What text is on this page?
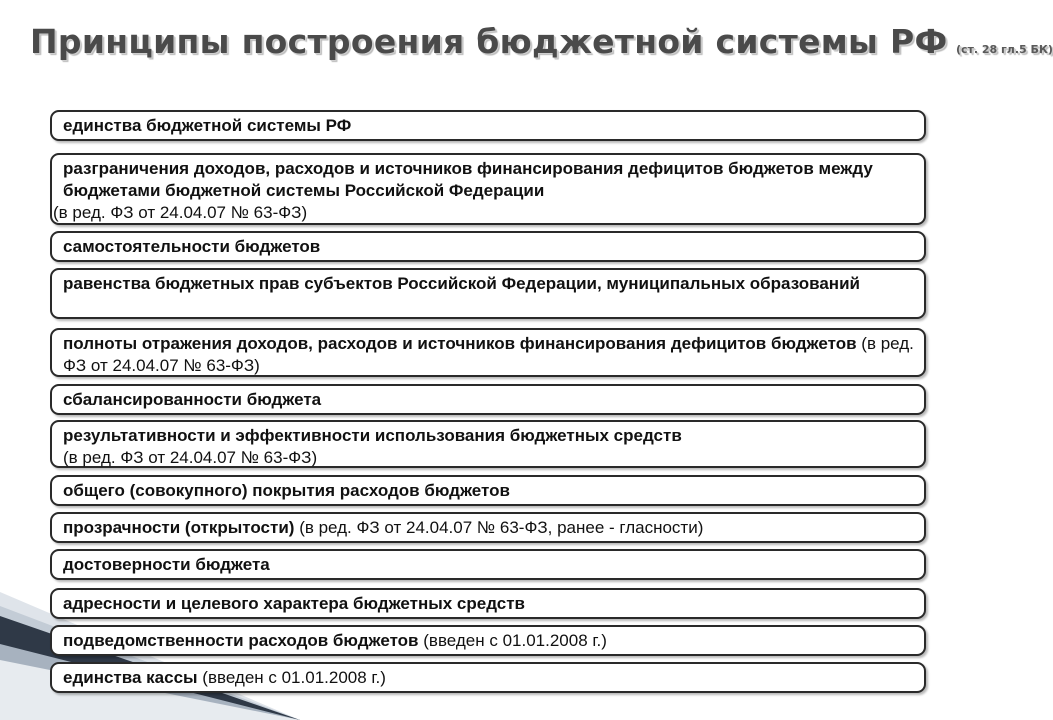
Принципы построения бюджетной системы РФ (ст. 28 гл.5 БК)
единства бюджетной системы РФ
разграничения доходов, расходов и источников финансирования дефицитов бюджетов между бюджетами бюджетной системы Российской Федерации
(в ред. ФЗ от 24.04.07 № 63-ФЗ)
самостоятельности бюджетов
равенства бюджетных прав субъектов Российской Федерации, муниципальных образований
полноты отражения доходов, расходов и источников финансирования дефицитов бюджетов (в ред. ФЗ от 24.04.07 № 63-ФЗ)
сбалансированности бюджета
результативности и эффективности использования бюджетных средств
(в ред. ФЗ от 24.04.07 № 63-ФЗ)
общего (совокупного) покрытия расходов бюджетов
прозрачности (открытости) (в ред. ФЗ от 24.04.07 № 63-ФЗ, ранее - гласности)
достоверности бюджета
адресности и целевого характера бюджетных средств
подведомственности расходов бюджетов (введен с 01.01.2008 г.)
единства кассы (введен с 01.01.2008 г.)
